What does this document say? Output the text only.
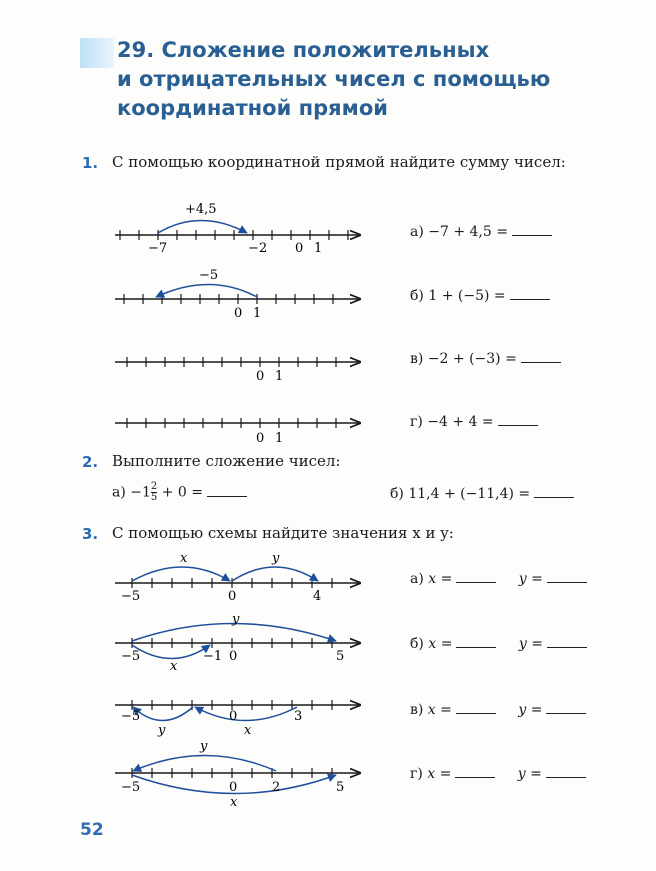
29. Сложение положительных
и отрицательных чисел с помощью
координатной прямой
1. С помощью координатной прямой найдите сумму чисел:
+4,5
−7	−2 0 1
−5
0 1
0 1
0 1
x	y
−5	0	4
y
x
−5	−1 0	5
y	x
−5	0	3
y
x
−5	0	2	5
а) −7 + 4,5 =
б) 1 + (−5) =
в) −2 + (−3) =
г) −4 + 4 =
2. Выполните сложение чисел:
$а) -1 \frac{2}{5} + 0$ =	б) 11,4 + (−11,4) =
3. С помощью схемы найдите значения x и y:
а) x =	y =
б) x =	y =
в) x =	y =
г) x =	y =
52
